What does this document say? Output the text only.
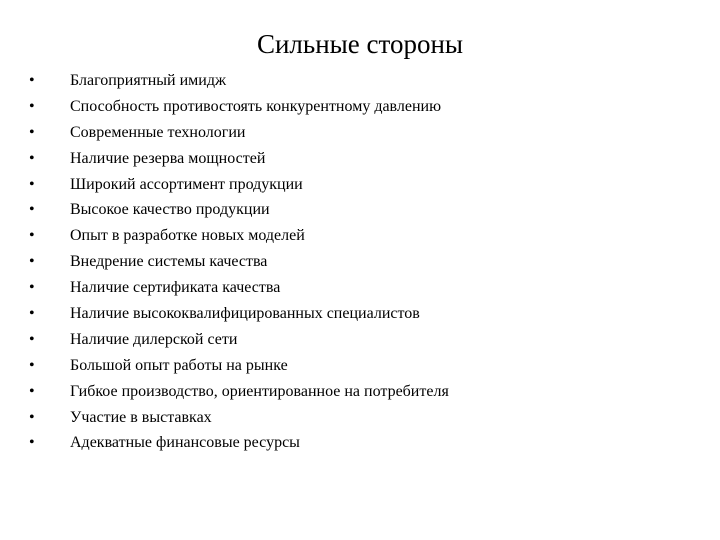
Сильные стороны
•	Благоприятный имидж
•	Способность противостоять конкурентному давлению
•	Современные технологии
•	Наличие резерва мощностей
•	Широкий ассортимент продукции
•	Высокое качество продукции
•	Опыт в разработке новых моделей
•	Внедрение системы качества
•	Наличие сертификата качества
•	Наличие высококвалифицированных специалистов
•	Наличие дилерской сети
•	Большой опыт работы на рынке
•	Гибкое производство, ориентированное на потребителя
•	Участие в выставках
•	Адекватные финансовые ресурсы
